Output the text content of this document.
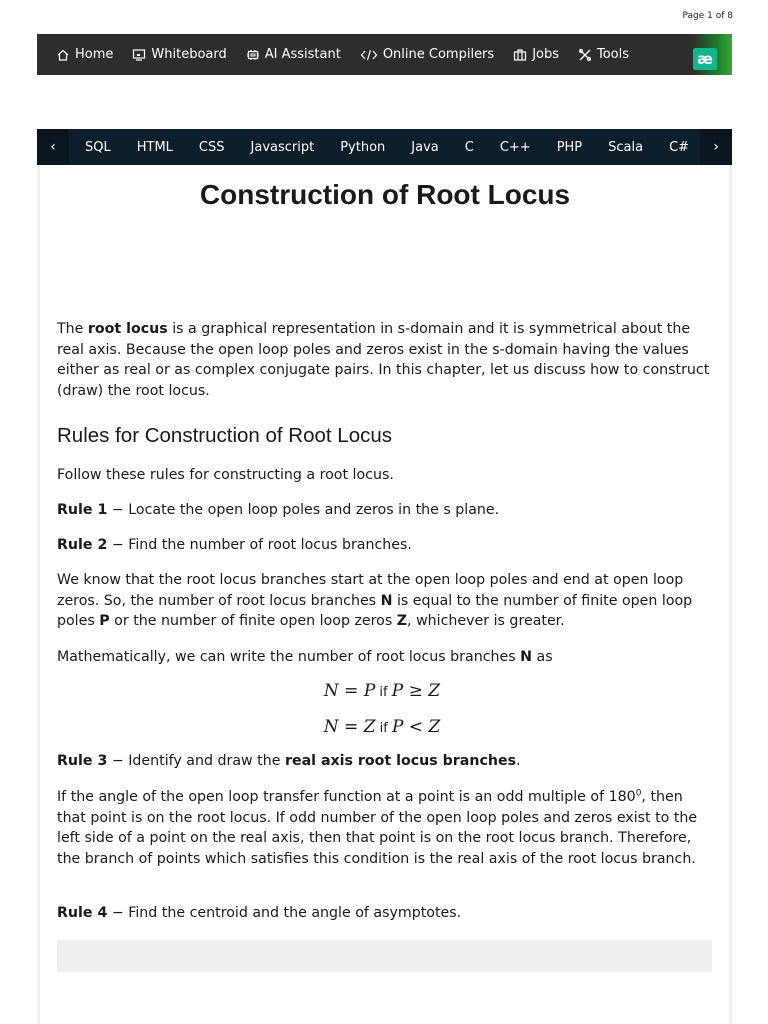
Page 1 of 8
Home	Whiteboard	AI Assistant	Online Compilers	Jobs	Tools	æ
‹ SQL HTML CSS Javascript Python Java C C++ PHP Scala C# ›
Construction of Root Locus

The root locus is a graphical representation in s-domain and it is symmetrical about the real axis. Because the open loop poles and zeros exist in the s-domain having the values either as real or as complex conjugate pairs. In this chapter, let us discuss how to construct (draw) the root locus.

Rules for Construction of Root Locus

Follow these rules for constructing a root locus.

Rule 1 − Locate the open loop poles and zeros in the s plane.

Rule 2 − Find the number of root locus branches.

We know that the root locus branches start at the open loop poles and end at open loop zeros. So, the number of root locus branches N is equal to the number of finite open loop poles P or the number of finite open loop zeros Z, whichever is greater.

Mathematically, we can write the number of root locus branches N as

N = P if P ≥ Z
N = Z if P < Z

Rule 3 − Identify and draw the real axis root locus branches.

If the angle of the open loop transfer function at a point is an odd multiple of $180^0$, then that point is on the root locus. If odd number of the open loop poles and zeros exist to the left side of a point on the real axis, then that point is on the root locus branch. Therefore, the branch of points which satisfies this condition is the real axis of the root locus branch.

Rule 4 − Find the centroid and the angle of asymptotes.
